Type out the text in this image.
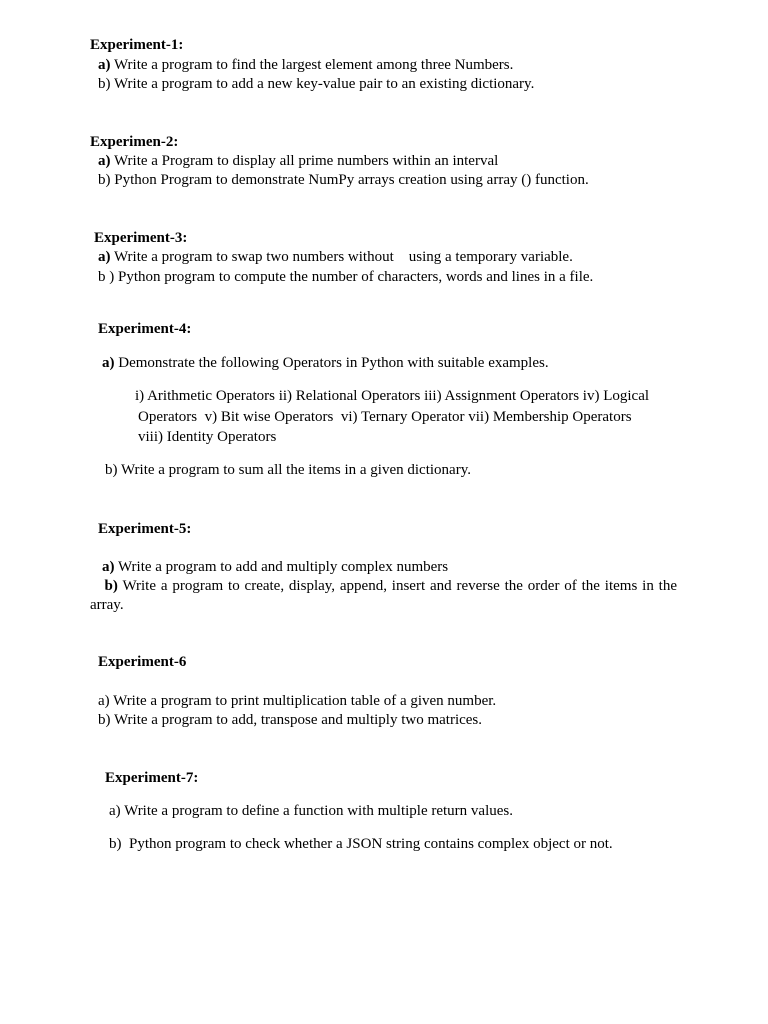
Experiment-1:
a) Write a program to find the largest element among three Numbers.
b) Write a program to add a new key-value pair to an existing dictionary.
Experimen-2:
a) Write a Program to display all prime numbers within an interval
b) Python Program to demonstrate NumPy arrays creation using array () function.
Experiment-3:
a) Write a program to swap two numbers without    using a temporary variable.
b ) Python program to compute the number of characters, words and lines in a file.
Experiment-4:
a) Demonstrate the following Operators in Python with suitable examples.
i) Arithmetic Operators ii) Relational Operators iii) Assignment Operators iv) Logical
Operators  v) Bit wise Operators  vi) Ternary Operator vii) Membership Operators
viii) Identity Operators
b) Write a program to sum all the items in a given dictionary.
Experiment-5:
a) Write a program to add and multiply complex numbers
b) Write a program to create, display, append, insert and reverse the order of the items in the
array.
Experiment-6
a) Write a program to print multiplication table of a given number.
b) Write a program to add, transpose and multiply two matrices.
Experiment-7:
a) Write a program to define a function with multiple return values.
b)  Python program to check whether a JSON string contains complex object or not.
